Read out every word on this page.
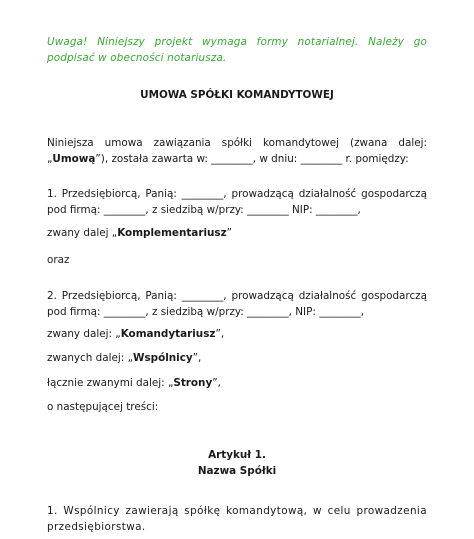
Uwaga! Niniejszy projekt wymaga formy notarialnej. Należy go podpisać w obecności notariusza.

UMOWA SPÓŁKI KOMANDYTOWEJ

Niniejsza umowa zawiązania spółki komandytowej (zwana dalej: „Umową”), została zawarta w: ________, w dniu: ________ r. pomiędzy:

1. Przedsiębiorcą, Panią: ________, prowadzącą działalność gospodarczą pod firmą: ________, z siedzibą w/przy: ________ NIP: ________,

zwany dalej „Komplementariusz”

oraz

2. Przedsiębiorcą, Panią: ________, prowadzącą działalność gospodarczą pod firmą: ________, z siedzibą w/przy: ________, NIP: ________,

zwany dalej: „Komandytariusz”,

zwanych dalej: „Wspólnicy”,

łącznie zwanymi dalej: „Strony”,

o następującej treści:

Artykuł 1.

Nazwa Spółki

1. Wspólnicy zawierają spółkę komandytową, w celu prowadzenia przedsiębiorstwa.
